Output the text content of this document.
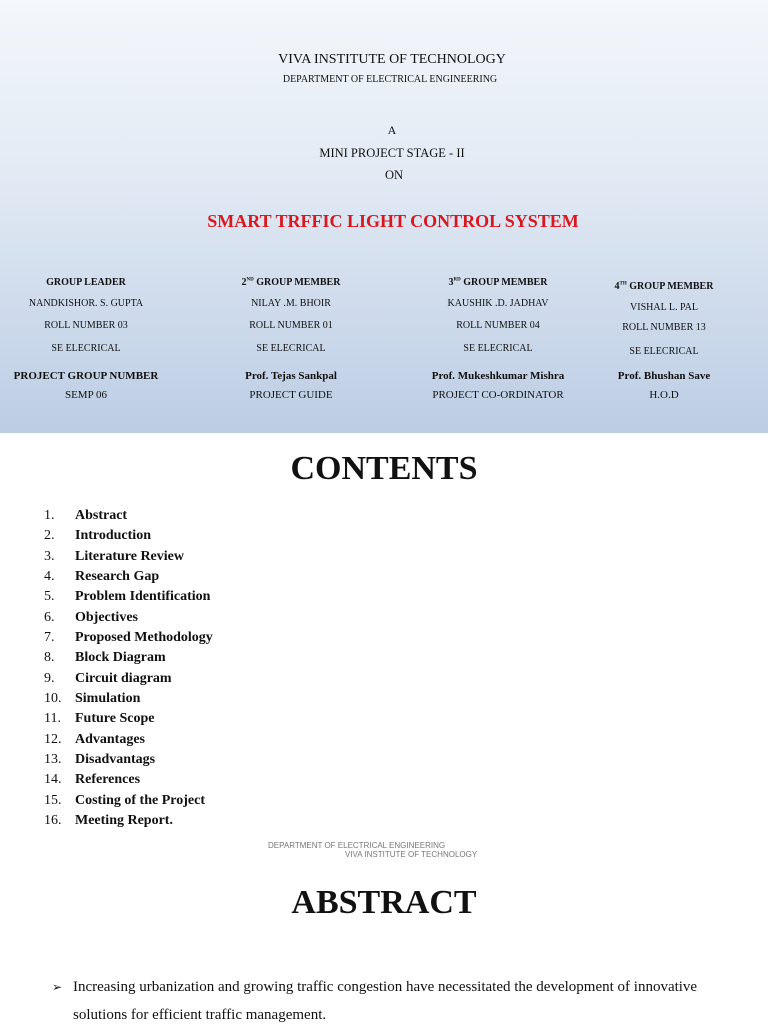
VIVA INSTITUTE OF TECHNOLOGY
DEPARTMENT OF ELECTRICAL ENGINEERING
A
MINI PROJECT STAGE - II
ON
SMART TRFFIC LIGHT CONTROL SYSTEM
GROUP LEADER
NANDKISHOR. S. GUPTA
ROLL NUMBER 03
SE ELECRICAL
PROJECT GROUP NUMBER
SEMP 06
2ND GROUP MEMBER
NILAY .M. BHOIR
ROLL NUMBER 01
SE ELECRICAL
Prof. Tejas Sankpal
PROJECT GUIDE
3RD GROUP MEMBER
KAUSHIK .D. JADHAV
ROLL NUMBER 04
SE ELECRICAL
Prof. Mukeshkumar Mishra
PROJECT CO-ORDINATOR
4TH GROUP MEMBER
VISHAL L. PAL
ROLL NUMBER 13
SE ELECRICAL
Prof. Bhushan Save
H.O.D
CONTENTS
1. Abstract
2. Introduction
3. Literature Review
4. Research Gap
5. Problem Identification
6. Objectives
7. Proposed Methodology
8. Block Diagram
9. Circuit diagram
10. Simulation
11. Future Scope
12. Advantages
13. Disadvantags
14. References
15. Costing of the Project
16. Meeting Report.
DEPARTMENT OF ELECTRICAL ENGINEERING
VIVA INSTITUTE OF TECHNOLOGY
ABSTRACT
➢ Increasing urbanization and growing traffic congestion have necessitated the development of innovative solutions for efficient traffic management.
